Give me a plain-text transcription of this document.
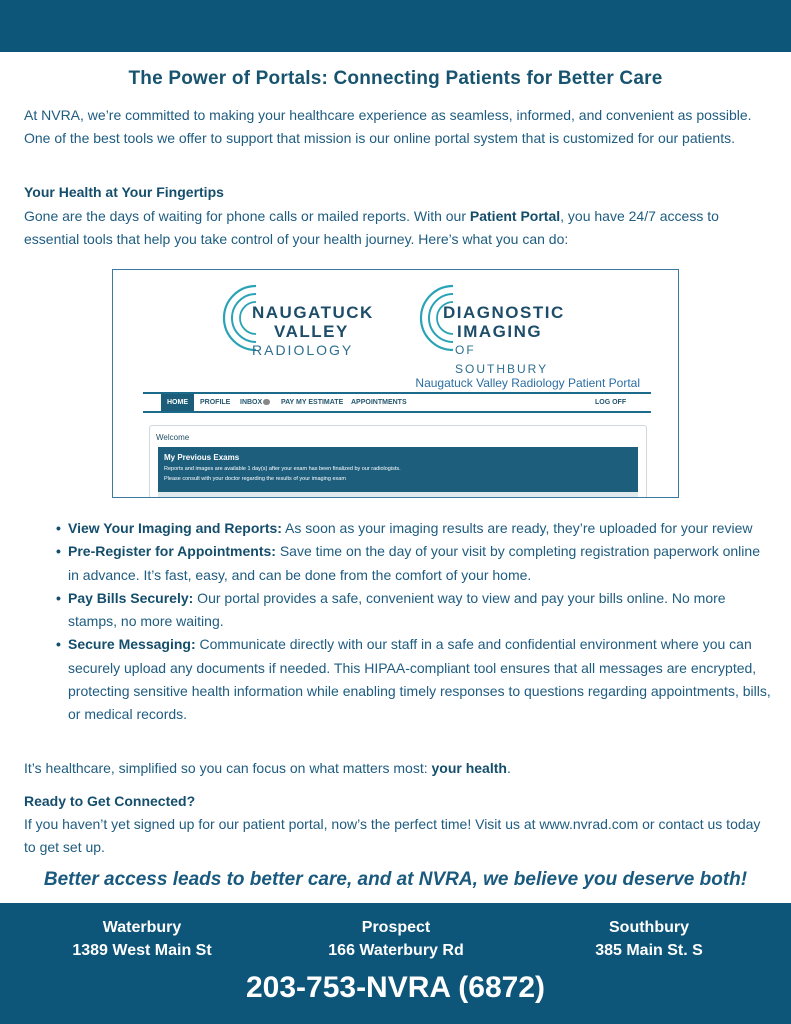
The Power of Portals: Connecting Patients for Better Care

At NVRA, we’re committed to making your healthcare experience as seamless, informed, and convenient as possible. One of the best tools we offer to support that mission is our online portal system that is customized for our patients.

Your Health at Your Fingertips

Gone are the days of waiting for phone calls or mailed reports. With our Patient Portal, you have 24/7 access to essential tools that help you take control of your health journey. Here’s what you can do:

NAUGATUCK
VALLEY
RADIOLOGY
DIAGNOSTIC
IMAGING
OF SOUTHBURY
Naugatuck Valley Radiology Patient Portal
HOME	PROFILE INBOX	PAY MY ESTIMATE APPOINTMENTS	LOG OFF
Welcome
My Previous Exams
Reports and images are available 1 day(s) after your exam has been finalized by our radiologists.
Please consult with your doctor regarding the results of your imaging exam
• View Your Imaging and Reports: As soon as your imaging results are ready, they’re uploaded for your review
• Pre-Register for Appointments: Save time on the day of your visit by completing registration paperwork online in advance. It’s fast, easy, and can be done from the comfort of your home.
• Pay Bills Securely: Our portal provides a safe, convenient way to view and pay your bills online. No more stamps, no more waiting.
• Secure Messaging: Communicate directly with our staff in a safe and confidential environment where you can securely upload any documents if needed. This HIPAA-compliant tool ensures that all messages are encrypted, protecting sensitive health information while enabling timely responses to questions regarding appointments, bills, or medical records.

It’s healthcare, simplified so you can focus on what matters most: your health.

Ready to Get Connected?

If you haven’t yet signed up for our patient portal, now’s the perfect time! Visit us at www.nvrad.com or contact us today to get set up.

Better access leads to better care, and at NVRA, we believe you deserve both!
Waterbury
1389 West Main St
Prospect
166 Waterbury Rd
Southbury
385 Main St. S
203-753-NVRA (6872)
